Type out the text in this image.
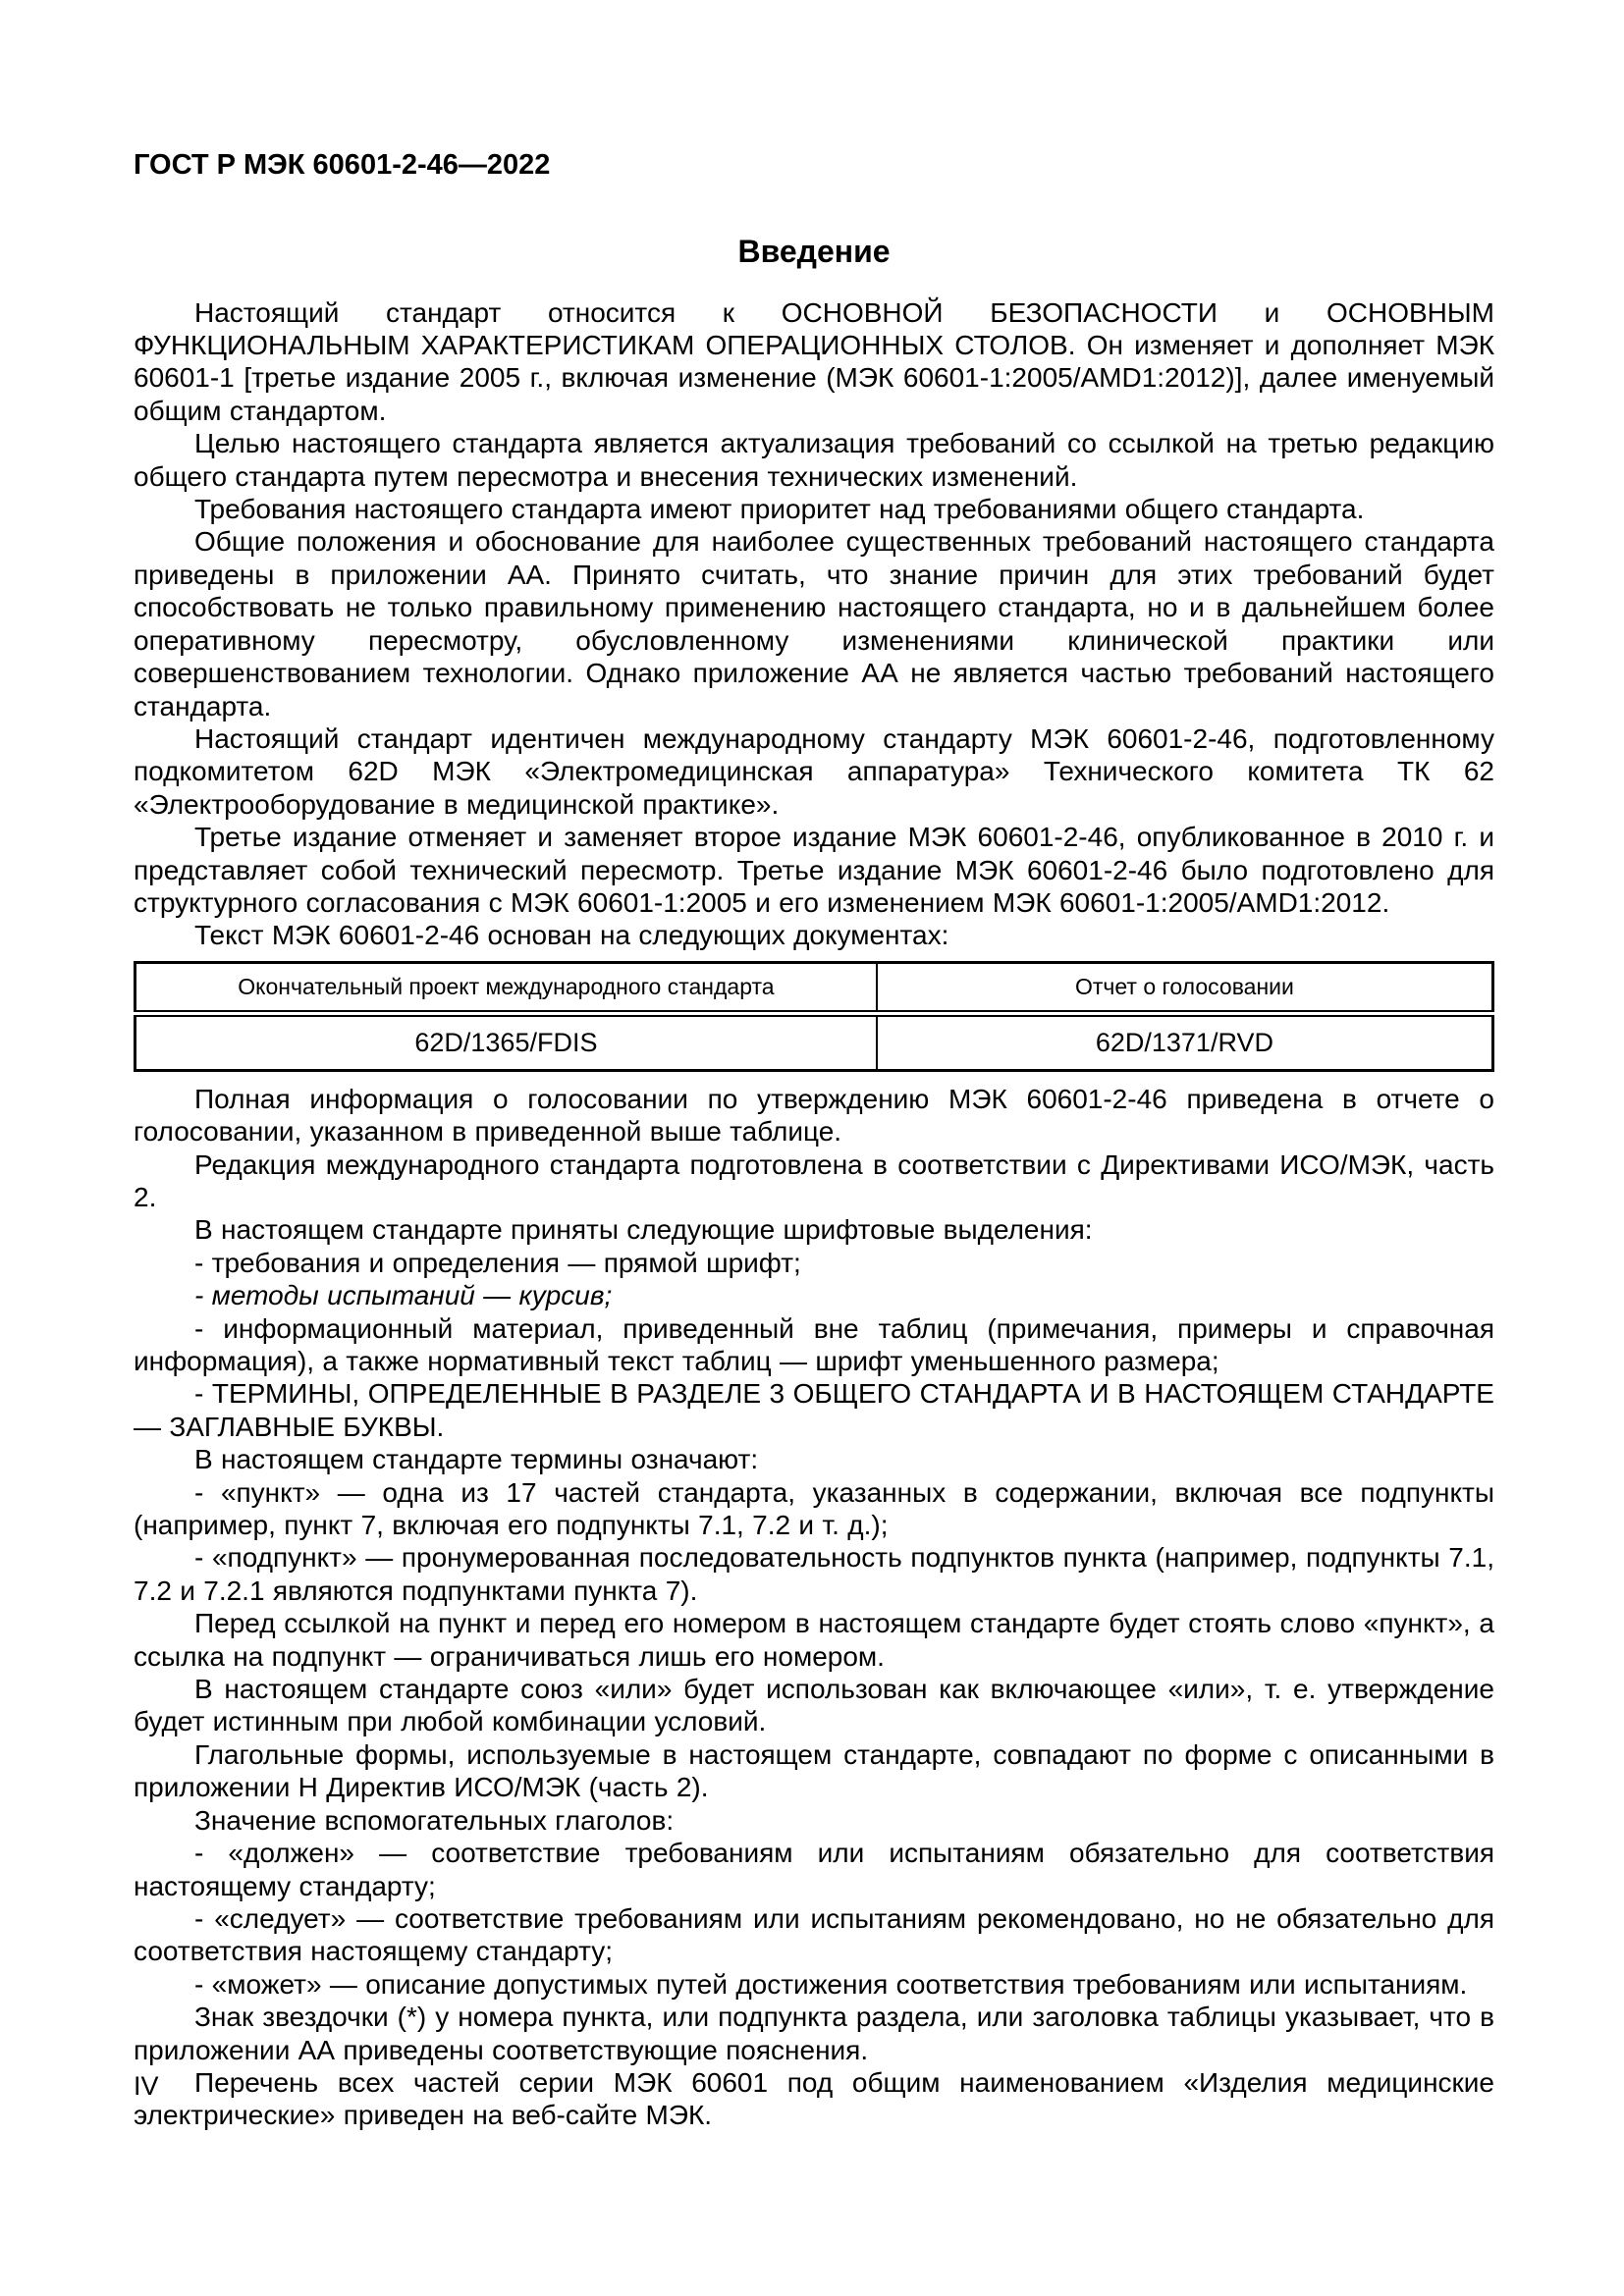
ГОСТ Р МЭК 60601-2-46—2022
Введение

Настоящий стандарт относится к ОСНОВНОЙ БЕЗОПАСНОСТИ и ОСНОВНЫМ ФУНКЦИОНАЛЬНЫМ ХАРАКТЕРИСТИКАМ ОПЕРАЦИОННЫХ СТОЛОВ. Он изменяет и дополняет МЭК 60601-1 [третье издание 2005 г., включая изменение (МЭК 60601-1:2005/AMD1:2012)], далее именуемый общим стандартом.

Целью настоящего стандарта является актуализация требований со ссылкой на третью редакцию общего стандарта путем пересмотра и внесения технических изменений.

Требования настоящего стандарта имеют приоритет над требованиями общего стандарта.

Общие положения и обоснование для наиболее существенных требований настоящего стандарта приведены в приложении АА. Принято считать, что знание причин для этих требований будет способствовать не только правильному применению настоящего стандарта, но и в дальнейшем более оперативному пересмотру, обусловленному изменениями клинической практики или совершенствованием технологии. Однако приложение АА не является частью требований настоящего стандарта.

Настоящий стандарт идентичен международному стандарту МЭК 60601-2-46, подготовленному подкомитетом 62D МЭК «Электромедицинская аппаратура» Технического комитета ТК 62 «Электрооборудование в медицинской практике».

Третье издание отменяет и заменяет второе издание МЭК 60601-2-46, опубликованное в 2010 г. и представляет собой технический пересмотр. Третье издание МЭК 60601-2-46 было подготовлено для структурного согласования с МЭК 60601-1:2005 и его изменением МЭК 60601-1:2005/AMD1:2012.

Текст МЭК 60601-2-46 основан на следующих документах:

Окончательный проект международного стандарта	Отчет о голосовании
62D/1365/FDIS	62D/1371/RVD

Полная информация о голосовании по утверждению МЭК 60601-2-46 приведена в отчете о голосовании, указанном в приведенной выше таблице.

Редакция международного стандарта подготовлена в соответствии с Директивами ИСО/МЭК, часть 2.

В настоящем стандарте приняты следующие шрифтовые выделения:

- требования и определения — прямой шрифт;

- методы испытаний — курсив;

- информационный материал, приведенный вне таблиц (примечания, примеры и справочная информация), а также нормативный текст таблиц — шрифт уменьшенного размера;

- ТЕРМИНЫ, ОПРЕДЕЛЕННЫЕ В РАЗДЕЛЕ 3 ОБЩЕГО СТАНДАРТА И В НАСТОЯЩЕМ СТАНДАРТЕ — ЗАГЛАВНЫЕ БУКВЫ.

В настоящем стандарте термины означают:

- «пункт» — одна из 17 частей стандарта, указанных в содержании, включая все подпункты (например, пункт 7, включая его подпункты 7.1, 7.2 и т. д.);

- «подпункт» — пронумерованная последовательность подпунктов пункта (например, подпункты 7.1, 7.2 и 7.2.1 являются подпунктами пункта 7).

Перед ссылкой на пункт и перед его номером в настоящем стандарте будет стоять слово «пункт», а ссылка на подпункт — ограничиваться лишь его номером.

В настоящем стандарте союз «или» будет использован как включающее «или», т. е. утверждение будет истинным при любой комбинации условий.

Глагольные формы, используемые в настоящем стандарте, совпадают по форме с описанными в приложении Н Директив ИСО/МЭК (часть 2).

Значение вспомогательных глаголов:

- «должен» — соответствие требованиям или испытаниям обязательно для соответствия настоящему стандарту;

- «следует» — соответствие требованиям или испытаниям рекомендовано, но не обязательно для соответствия настоящему стандарту;

- «может» — описание допустимых путей достижения соответствия требованиям или испытаниям.

Знак звездочки (*) у номера пункта, или подпункта раздела, или заголовка таблицы указывает, что в приложении АА приведены соответствующие пояснения.

Перечень всех частей серии МЭК 60601 под общим наименованием «Изделия медицинские электрические» приведен на веб-сайте МЭК.

IV
